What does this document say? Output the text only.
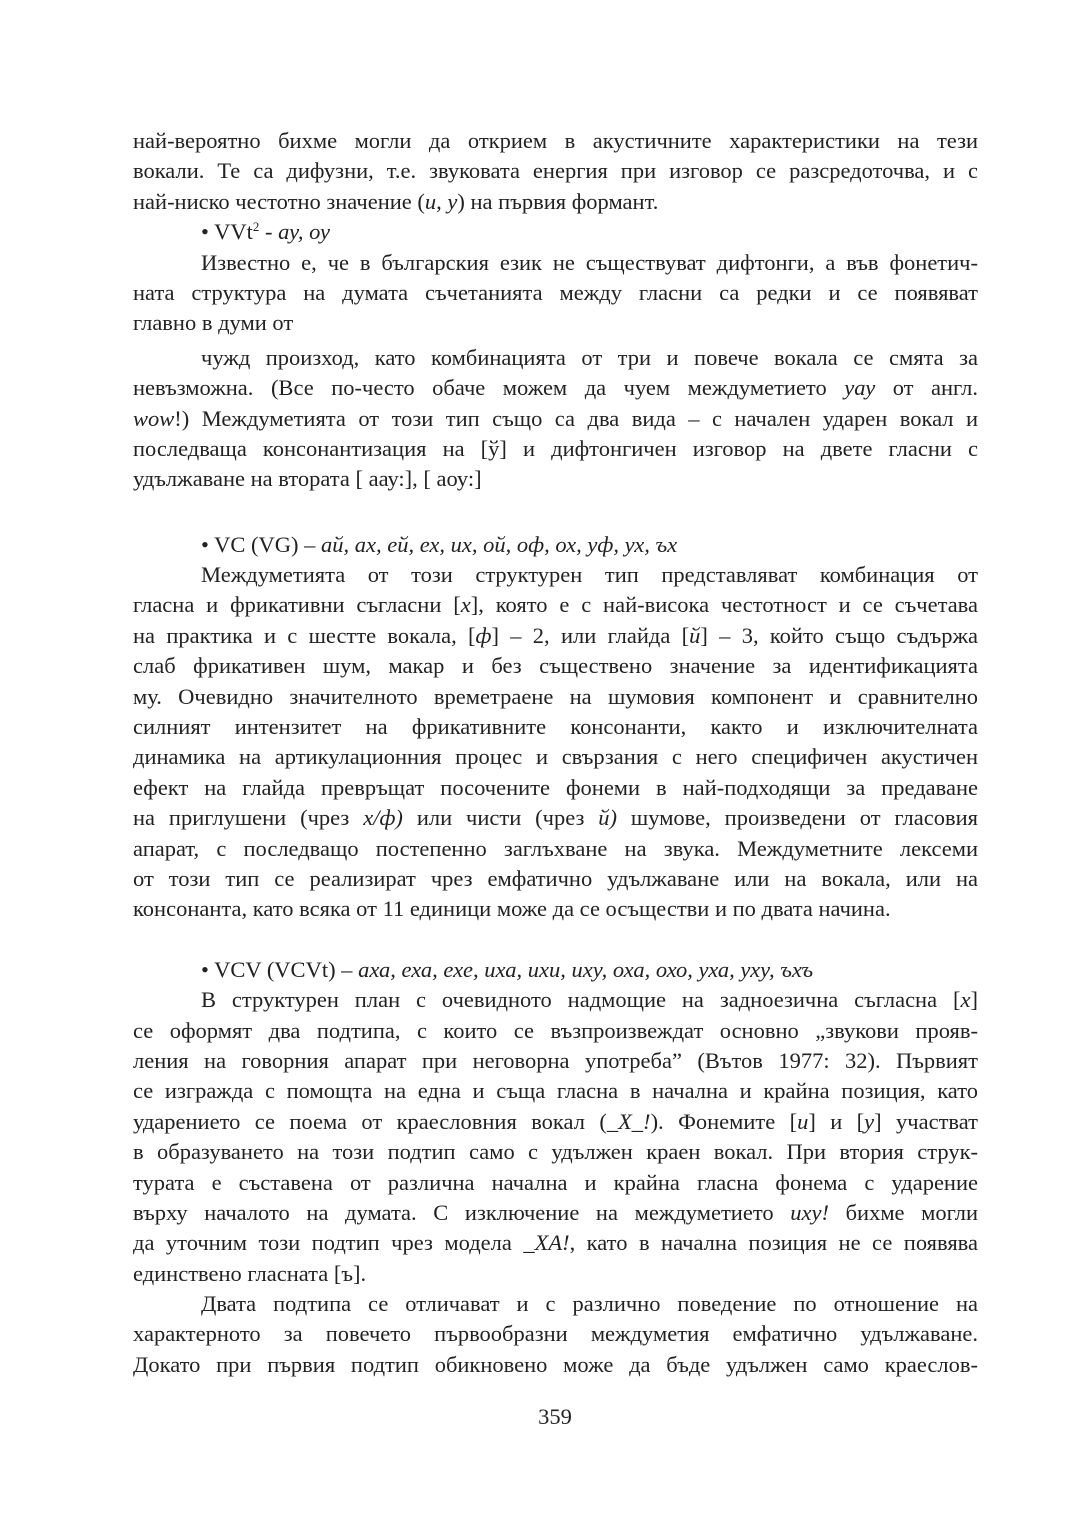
най-вероятно бихме могли да открием в акустичните характеристики на тези
вокали. Те са дифузни, т.е. звуковата енергия при изговор се разсредоточва, и с
най-ниско честотно значение (и, у) на първия формант.
• VVt$^2$ - ау, оу
Известно е, че в българския език не съществуват дифтонги, а във фонетич-
ната структура на думата съчетанията между гласни са редки и се появяват
главно в думи от
чужд произход, като комбинацията от три и повече вокала се смята за
невъзможна. (Все по-често обаче можем да чуем междуметието уау от англ.
wow!) Междуметията от този тип също са два вида – с начален ударен вокал и
последваща консонантизация на [ў] и дифтонгичен изговор на двете гласни с
удължаване на втората [ аау:], [ аоу:]
• VC (VG) – ай, ах, ей, ех, их, ой, оф, ох, уф, ух, ъх
Междуметията от този структурен тип представляват комбинация от
гласна и фрикативни съгласни [х], която е с най-висока честотност и се съчетава
на практика и с шестте вокала, [ф] – 2, или глайда [й] – 3, който също съдържа
слаб фрикативен шум, макар и без съществено значение за идентификацията
му. Очевидно значителното времетраене на шумовия компонент и сравнително
силният интензитет на фрикативните консонанти, както и изключителната
динамика на артикулационния процес и свързания с него специфичен акустичен
ефект на глайда превръщат посочените фонеми в най-подходящи за предаване
на приглушени (чрез х/ф) или чисти (чрез й) шумове, произведени от гласовия
апарат, с последващо постепенно заглъхване на звука. Междуметните лексеми
от този тип се реализират чрез емфатично удължаване или на вокала, или на
консонанта, като всяка от 11 единици може да се осъществи и по двата начина.
• VCV (VCVt) – аха, еха, ехе, иха, ихи, иху, оха, охо, уха, уху, ъхъ
В структурен план с очевидното надмощие на задноезична съгласна [х]
се оформят два подтипа, с които се възпроизвеждат основно „звукови прояв-
ления на говорния апарат при неговорна употреба” (Вътов 1977: 32). Първият
се изгражда с помощта на една и съща гласна в начална и крайна позиция, като
ударението се поема от краесловния вокал (_Х_!). Фонемите [и] и [у] участват
в образуването на този подтип само с удължен краен вокал. При втория струк-
турата е съставена от различна начална и крайна гласна фонема с ударение
върху началото на думата. С изключение на междуметието иху! бихме могли
да уточним този подтип чрез модела _ХА!, като в начална позиция не се появява
единствено гласната [ъ].
Двата подтипа се отличават и с различно поведение по отношение на
характерното за повечето първообразни междуметия емфатично удължаване.
Докато при първия подтип обикновено може да бъде удължен само краеслов-
359
